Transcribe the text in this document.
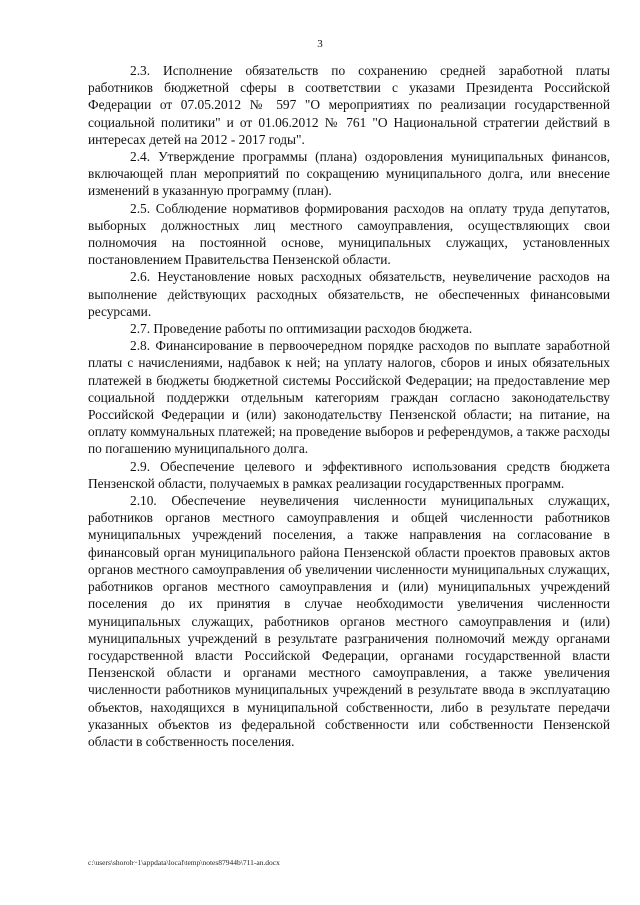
3

2.3. Исполнение обязательств по сохранению средней заработной платы работников бюджетной сферы в соответствии с указами Президента Российской Федерации от 07.05.2012 № 597 "О мероприятиях по реализации государственной социальной политики" и от 01.06.2012 № 761 "О Национальной стратегии действий в интересах детей на 2012 - 2017 годы".

2.4. Утверждение программы (плана) оздоровления муниципальных финансов, включающей план мероприятий по сокращению муниципального долга, или внесение изменений в указанную программу (план).

2.5. Соблюдение нормативов формирования расходов на оплату труда депутатов, выборных должностных лиц местного самоуправления, осуществляющих свои полномочия на постоянной основе, муниципальных служащих, установленных постановлением Правительства Пензенской области.

2.6. Неустановление новых расходных обязательств, неувеличение расходов на выполнение действующих расходных обязательств, не обеспеченных финансовыми ресурсами.

2.7. Проведение работы по оптимизации расходов бюджета.

2.8. Финансирование в первоочередном порядке расходов по выплате заработной платы с начислениями, надбавок к ней; на уплату налогов, сборов и иных обязательных платежей в бюджеты бюджетной системы Российской Федерации; на предоставление мер социальной поддержки отдельным категориям граждан согласно законодательству Российской Федерации и (или) законодательству Пензенской области; на питание, на оплату коммунальных платежей; на проведение выборов и референдумов, а также расходы по погашению муниципального долга.

2.9. Обеспечение целевого и эффективного использования средств бюджета Пензенской области, получаемых в рамках реализации государственных программ.

2.10. Обеспечение неувеличения численности муниципальных служащих, работников органов местного самоуправления и общей численности работников муниципальных учреждений поселения, а также направления на согласование в финансовый орган муниципального района Пензенской области проектов правовых актов органов местного самоуправления об увеличении численности муниципальных служащих, работников органов местного самоуправления и (или) муниципальных учреждений поселения до их принятия в случае необходимости увеличения численности муниципальных служащих, работников органов местного самоуправления и (или) муниципальных учреждений в результате разграничения полномочий между органами государственной власти Российской Федерации, органами государственной власти Пензенской области и органами местного самоуправления, а также увеличения численности работников муниципальных учреждений в результате ввода в эксплуатацию объектов, находящихся в муниципальной собственности, либо в результате передачи указанных объектов из федеральной собственности или собственности Пензенской области в собственность поселения.

c:\users\shoroh~1\appdata\local\temp\notes87944b\711-an.docx
